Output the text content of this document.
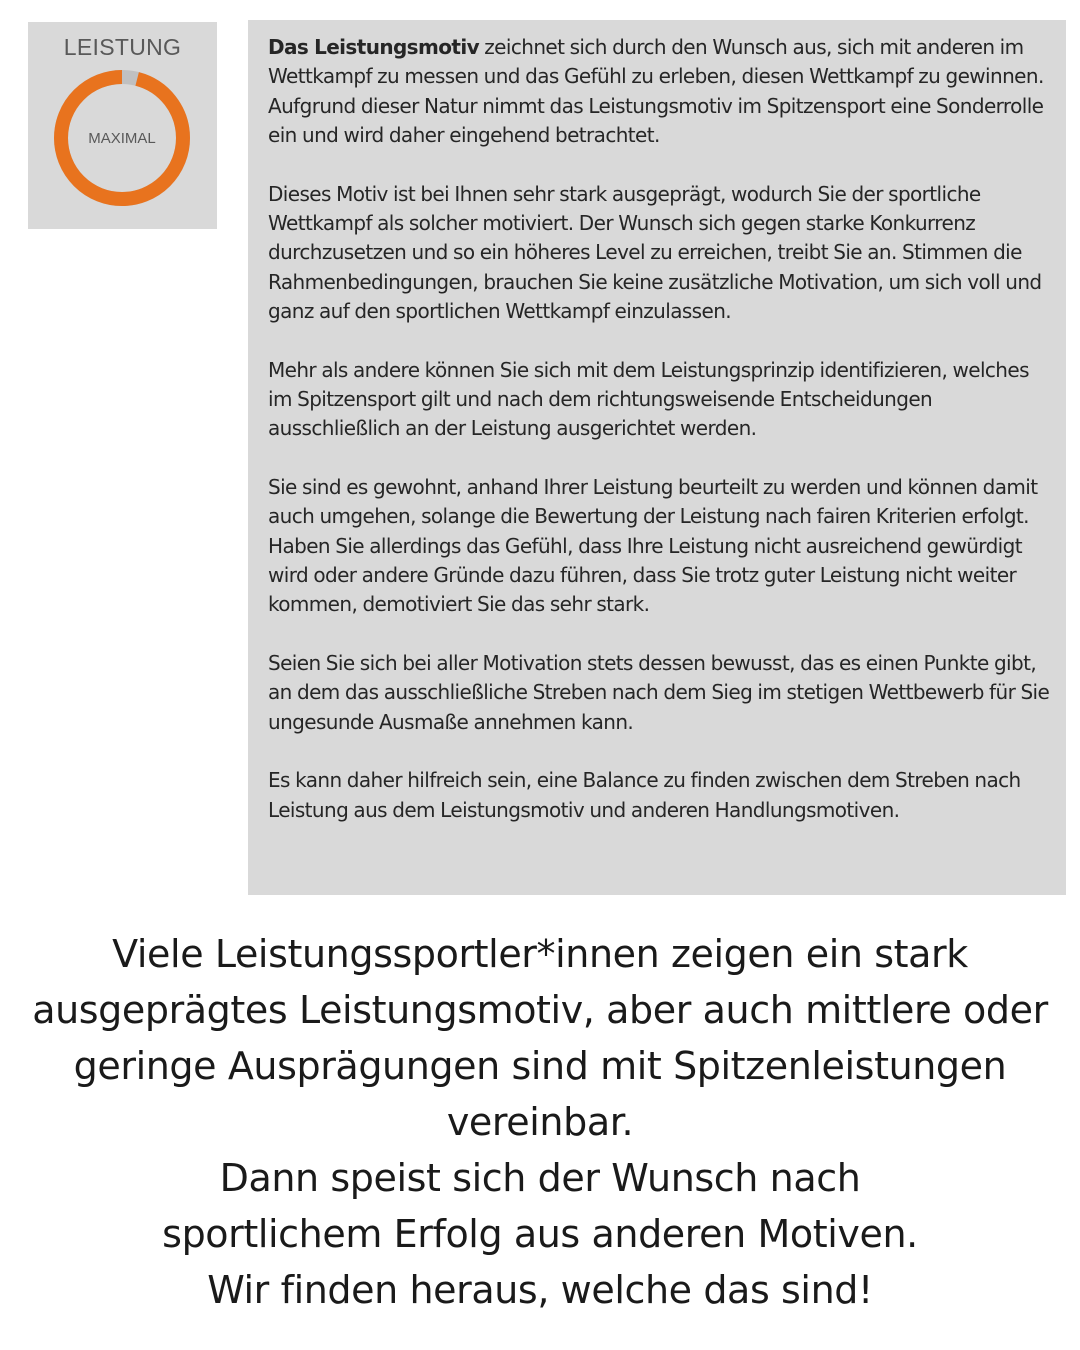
LEISTUNG
MAXIMAL

Das Leistungsmotiv zeichnet sich durch den Wunsch aus, sich mit anderen im Wettkampf zu messen und das Gefühl zu erleben, diesen Wettkampf zu gewinnen. Aufgrund dieser Natur nimmt das Leistungsmotiv im Spitzensport eine Sonderrolle ein und wird daher eingehend betrachtet.

Dieses Motiv ist bei Ihnen sehr stark ausgeprägt, wodurch Sie der sportliche Wettkampf als solcher motiviert. Der Wunsch sich gegen starke Konkurrenz durchzusetzen und so ein höheres Level zu erreichen, treibt Sie an. Stimmen die Rahmenbedingungen, brauchen Sie keine zusätzliche Motivation, um sich voll und ganz auf den sportlichen Wettkampf einzulassen.

Mehr als andere können Sie sich mit dem Leistungsprinzip identifizieren, welches im Spitzensport gilt und nach dem richtungsweisende Entscheidungen ausschließlich an der Leistung ausgerichtet werden.

Sie sind es gewohnt, anhand Ihrer Leistung beurteilt zu werden und können damit auch umgehen, solange die Bewertung der Leistung nach fairen Kriterien erfolgt. Haben Sie allerdings das Gefühl, dass Ihre Leistung nicht ausreichend gewürdigt wird oder andere Gründe dazu führen, dass Sie trotz guter Leistung nicht weiter kommen, demotiviert Sie das sehr stark.

Seien Sie sich bei aller Motivation stets dessen bewusst, das es einen Punkte gibt, an dem das ausschließliche Streben nach dem Sieg im stetigen Wettbewerb für Sie ungesunde Ausmaße annehmen kann.

Es kann daher hilfreich sein, eine Balance zu finden zwischen dem Streben nach Leistung aus dem Leistungsmotiv und anderen Handlungsmotiven.

Viele Leistungssportler*innen zeigen ein stark
ausgeprägtes Leistungsmotiv, aber auch mittlere oder
geringe Ausprägungen sind mit Spitzenleistungen
vereinbar.
Dann speist sich der Wunsch nach
sportlichem Erfolg aus anderen Motiven.
Wir finden heraus, welche das sind!
